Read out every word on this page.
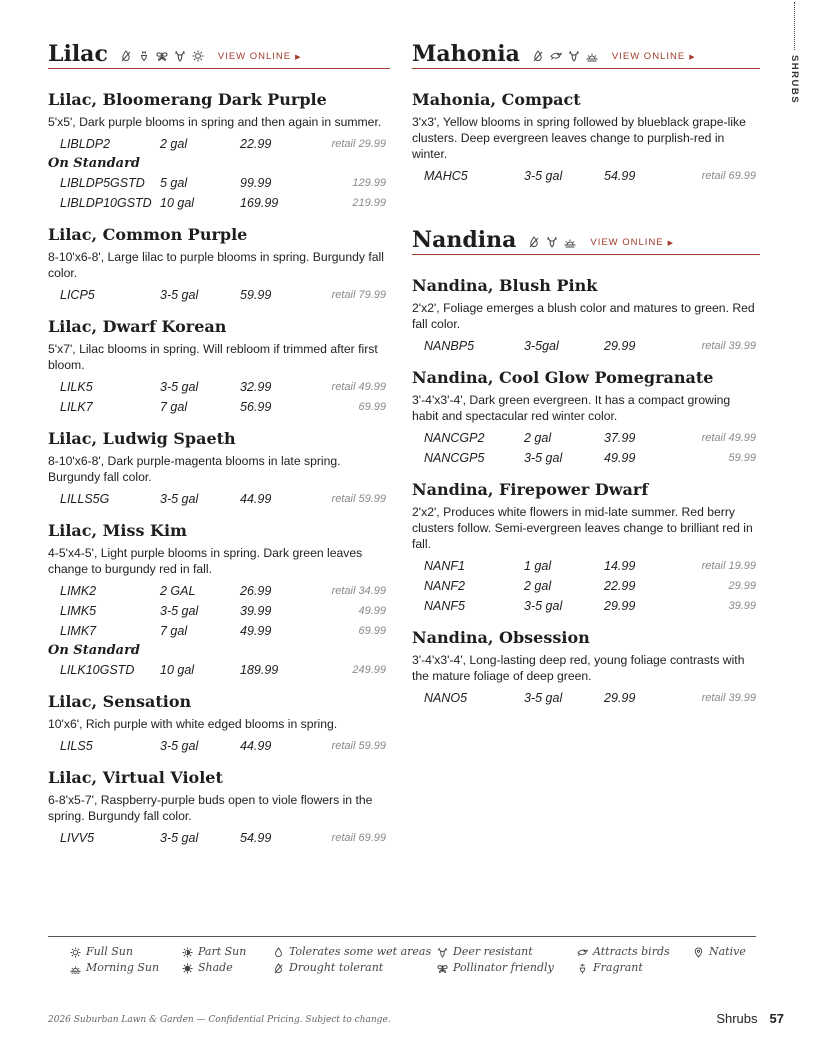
SHRUBS
Lilac	VIEW ONLINE ▶
Lilac, Bloomerang Dark Purple
5'x5', Dark purple blooms in spring and then again in summer.
LIBLDP2	2 gal	22.99	retail 29.99
On Standard
LIBLDP5GSTD 5 gal	99.99	129.99
LIBLDP10GSTD 10 gal	169.99	219.99
Lilac, Common Purple
8-10'x6-8', Large lilac to purple blooms in spring. Burgundy fall color.
LICP5	3-5 gal	59.99	retail 79.99
Lilac, Dwarf Korean
5'x7', Lilac blooms in spring. Will rebloom if trimmed after first bloom.
LILK5	3-5 gal	32.99	retail 49.99
LILK7	7 gal	56.99	69.99
Lilac, Ludwig Spaeth
8-10'x6-8', Dark purple-magenta blooms in late spring. Burgundy fall color.
LILLS5G	3-5 gal	44.99	retail 59.99
Lilac, Miss Kim
4-5'x4-5', Light purple blooms in spring. Dark green leaves change to burgundy red in fall.
LIMK2	2 GAL	26.99	retail 34.99
LIMK5	3-5 gal	39.99	49.99
LIMK7	7 gal	49.99	69.99
On Standard
LILK10GSTD 10 gal	189.99	249.99
Lilac, Sensation
10'x6', Rich purple with white edged blooms in spring.
LILS5	3-5 gal	44.99	retail 59.99
Lilac, Virtual Violet
6-8'x5-7', Raspberry-purple buds open to viole flowers in the spring. Burgundy fall color.
LIVV5	3-5 gal	54.99	retail 69.99
Mahonia	VIEW ONLINE ▶
Mahonia, Compact
3'x3', Yellow blooms in spring followed by blueblack grape-like clusters. Deep evergreen leaves change to purplish-red in winter.
MAHC5	3-5 gal	54.99	retail 69.99
Nandina	VIEW ONLINE ▶
Nandina, Blush Pink
2'x2', Foliage emerges a blush color and matures to green. Red fall color.
NANBP5	3-5gal	29.99	retail 39.99
Nandina, Cool Glow Pomegranate
3'-4'x3'-4', Dark green evergreen. It has a compact growing habit and spectacular red winter color.
NANCGP2	2 gal	37.99	retail 49.99
NANCGP5	3-5 gal	49.99	59.99
Nandina, Firepower Dwarf
2'x2', Produces white flowers in mid-late summer. Red berry clusters follow. Semi-evergreen leaves change to brilliant red in fall.
NANF1	1 gal	14.99	retail 19.99
NANF2	2 gal	22.99	29.99
NANF5	3-5 gal	29.99	39.99
Nandina, Obsession
3'-4'x3'-4', Long-lasting deep red, young foliage contrasts with the mature foliage of deep green.
NANO5	3-5 gal	29.99	retail 39.99
Full Sun
Morning Sun
Part Sun
Shade
Tolerates some wet areas
Drought tolerant
Deer resistant
Pollinator friendly
Attracts birds
Fragrant
Native
2026 Suburban Lawn & Garden — Confidential Pricing. Subject to change.	Shrubs 57
